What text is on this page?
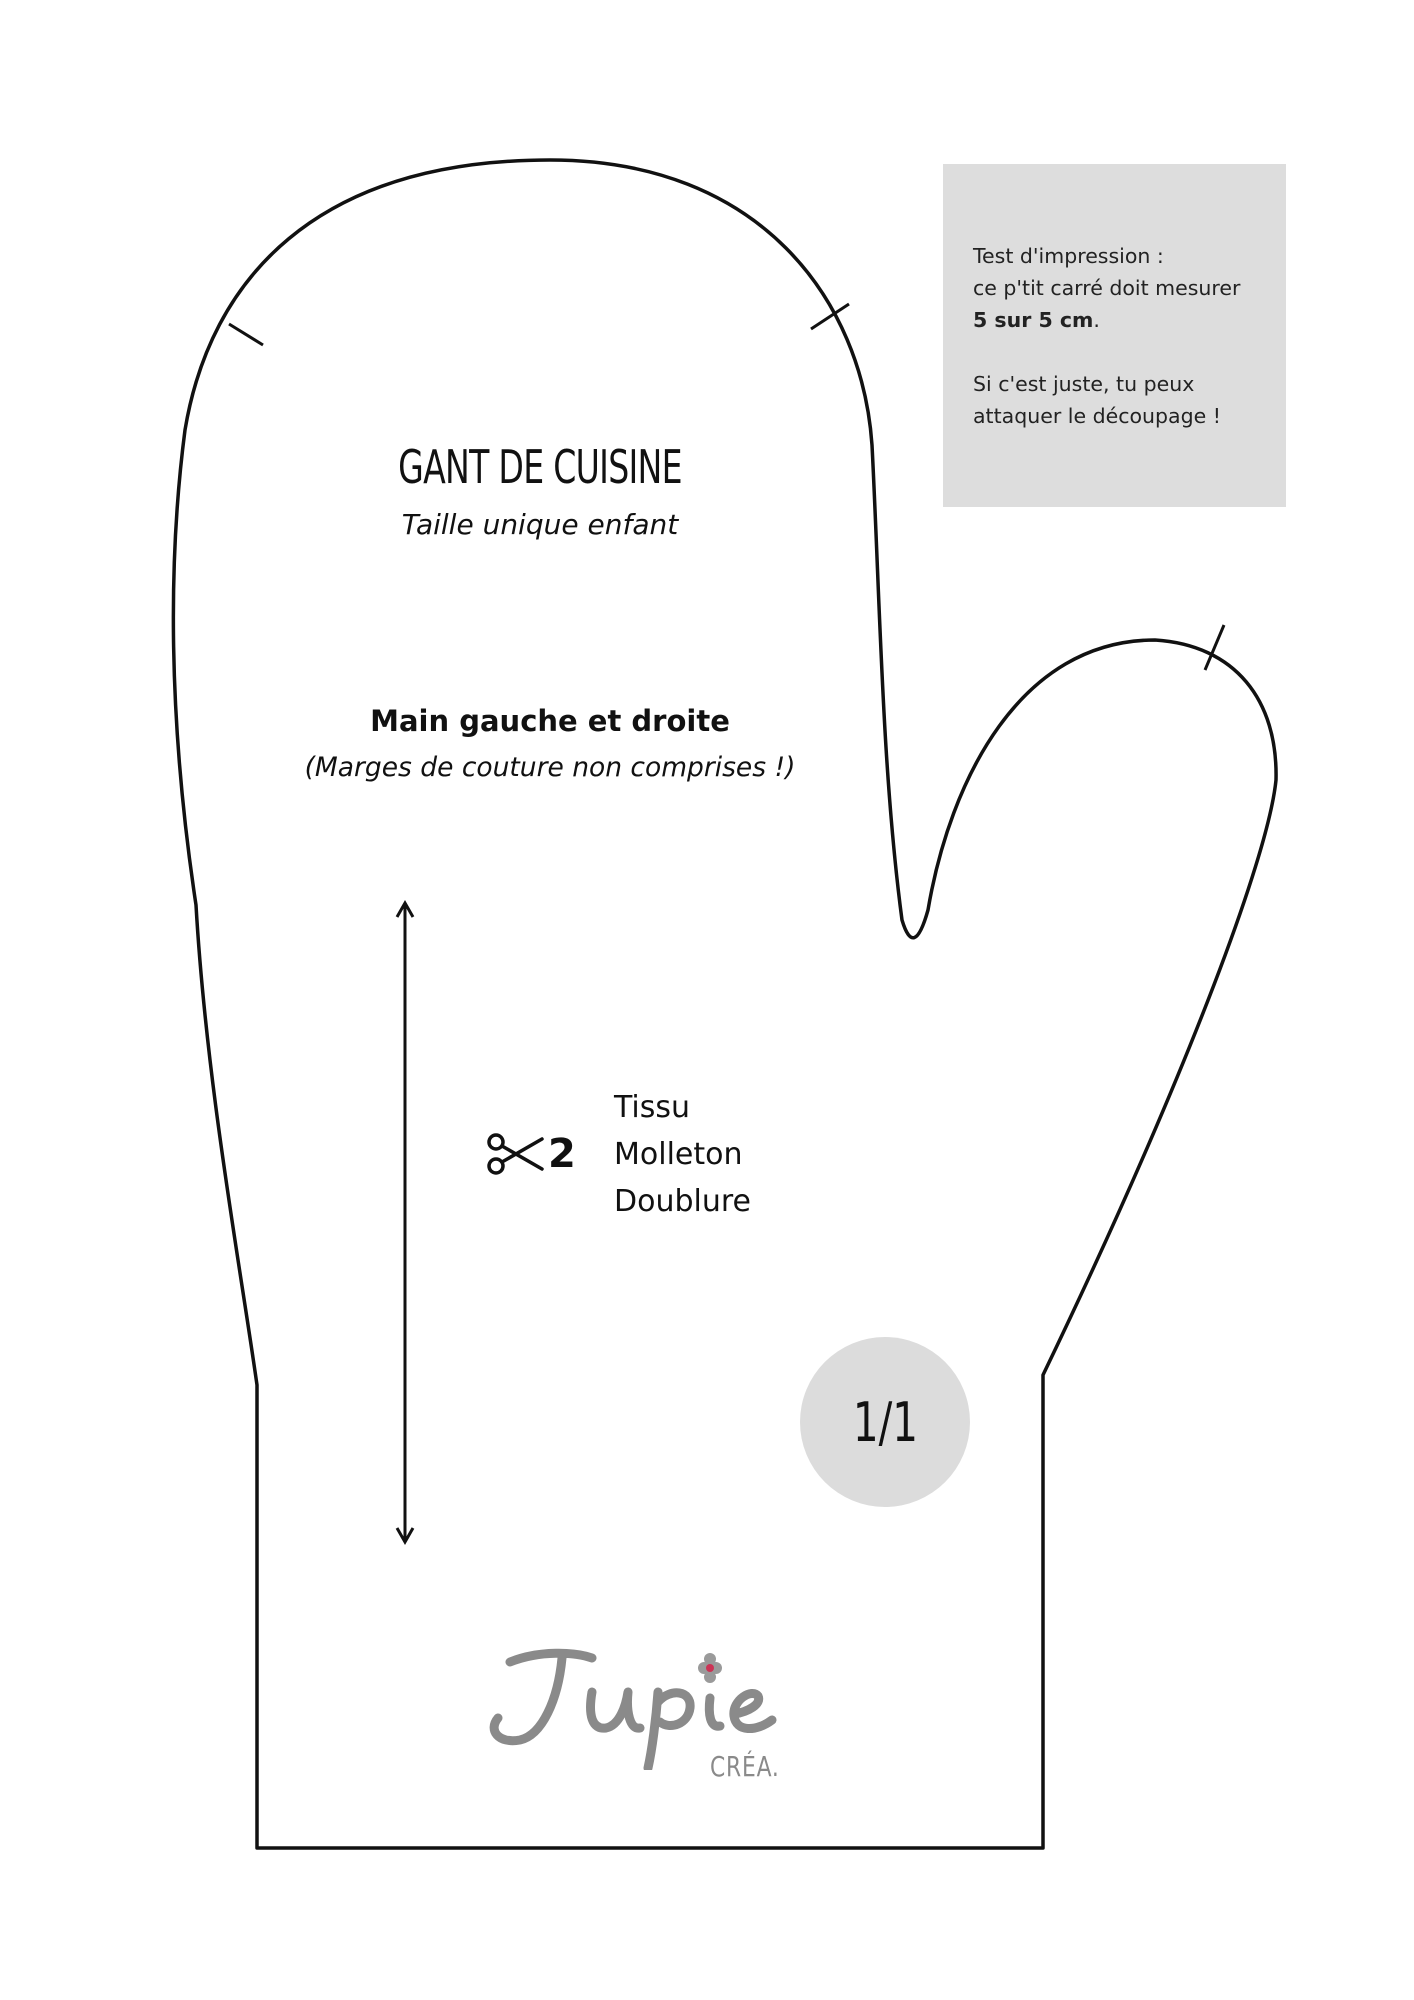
Test d'impression :

ce p'tit carré doit mesurer

5 sur 5 cm.

Si c'est juste, tu peux

attaquer le découpage !

GANT DE CUISINE
Taille unique enfant
Main gauche et droite
(Marges de couture non comprises !)
2
Tissu
Molleton
Doublure
1/1
CRÉA.
